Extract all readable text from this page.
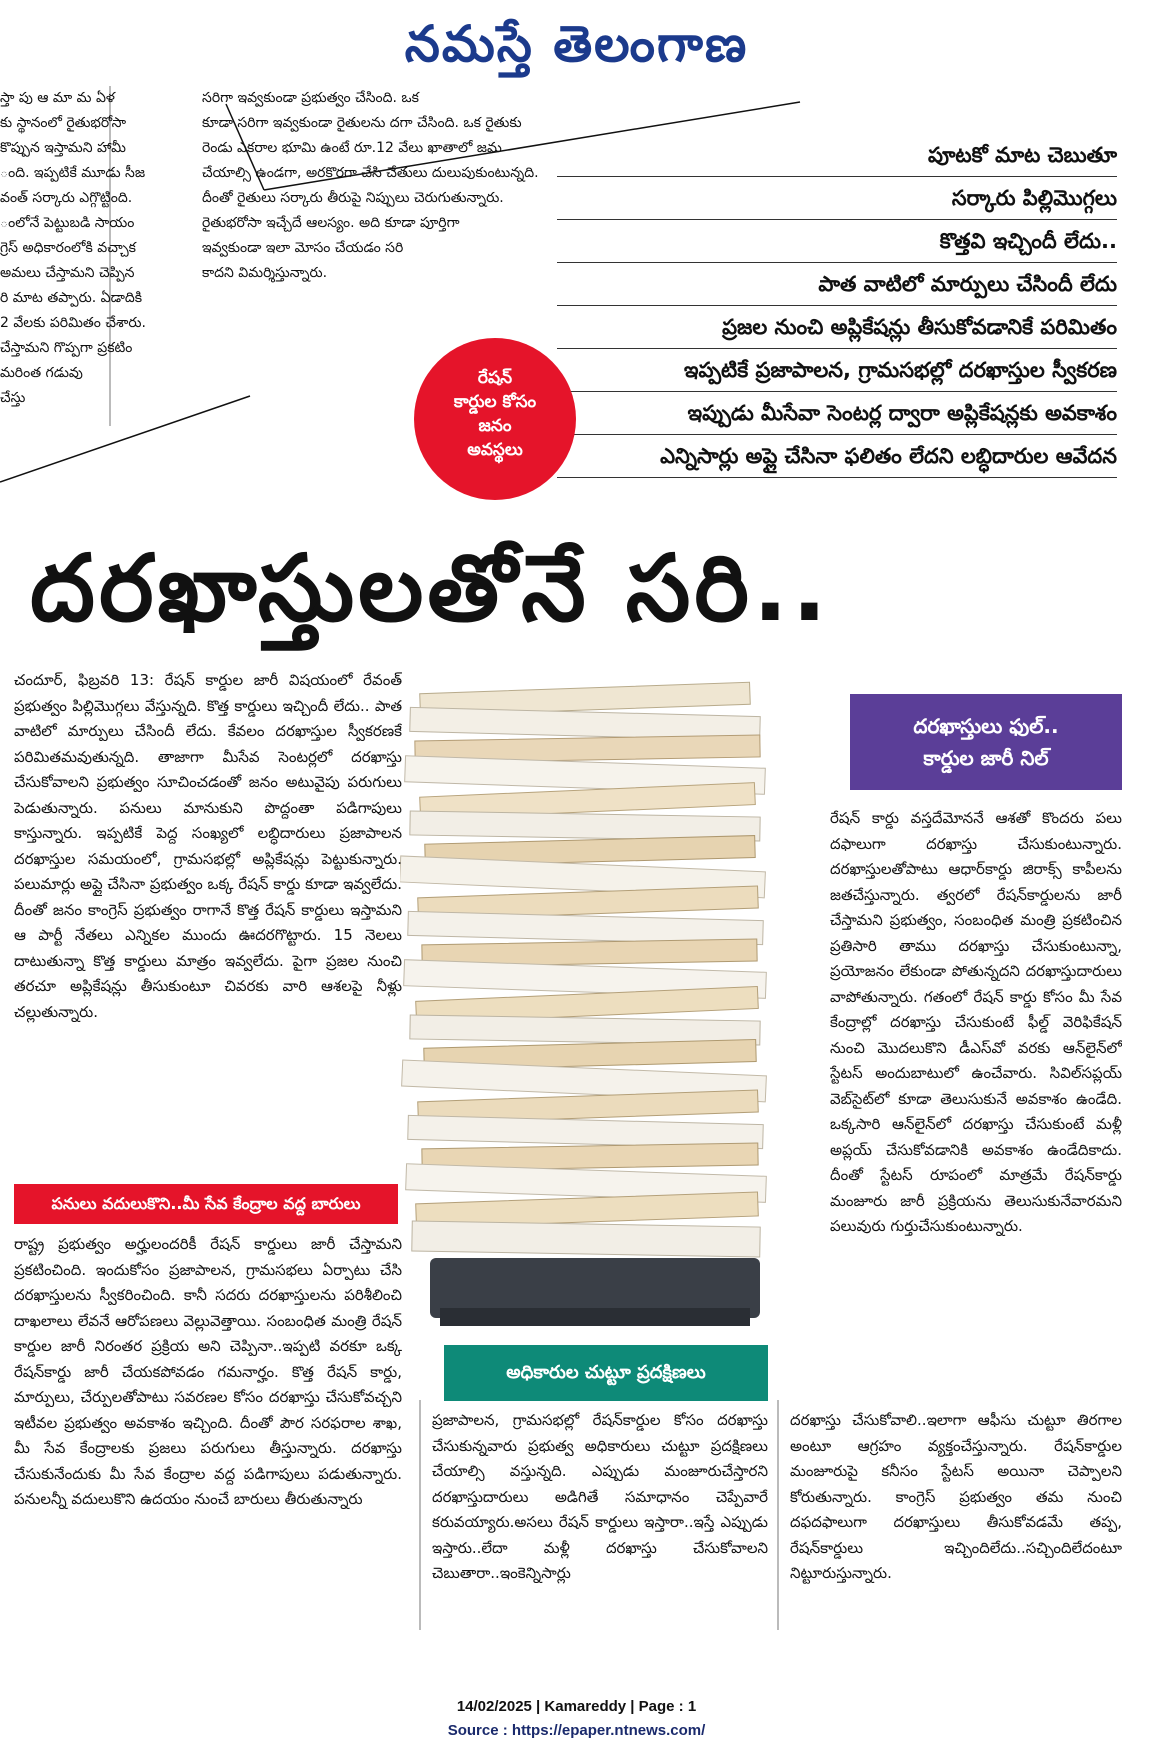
నమస్తే తెలంగాణ
స్తా పు ఆ మా మ ఏళ
కు స్థానంలో రైతుభరోసా
కొప్పున ఇస్తామని హామీ
ంది. ఇప్పటికే మూడు సీజ
వంత్ సర్కారు ఎగ్గొట్టింది.
ంలోనే పెట్టుబడి సాయం
గ్రెస్ అధికారంలోకి వచ్చాక
అమలు చేస్తామని చెప్పిన
రి మాట తప్పారు. ఏడాదికి
2 వేలకు పరిమితం చేశారు.
చేస్తామని గొప్పగా ప్రకటిం
మరింత గడువు
చేస్తు
సరిగా ఇవ్వకుండా ప్రభుత్వం చేసింది. ఒక
కూడా సరిగా ఇవ్వకుండా రైతులను దగా చేసింది. ఒక రైతుకు
రెండు ఎకరాల భూమి ఉంటే రూ.12 వేలు ఖాతాలో జమ
చేయాల్సి ఉండగా, అరకొరగా చేసి చేతులు దులుపుకుంటున్నది.
దీంతో రైతులు సర్కారు తీరుపై నిప్పులు చెరుగుతున్నారు.
రైతుభరోసా ఇచ్చేదే ఆలస్యం. అది కూడా పూర్తిగా
ఇవ్వకుండా ఇలా మోసం చేయడం సరి
కాదని విమర్శిస్తున్నారు.
పూటకో మాట చెబుతూ
సర్కారు పిల్లిమొగ్గలు
కొత్తవి ఇచ్చిందీ లేదు..
పాత వాటిలో మార్పులు చేసిందీ లేదు
ప్రజల నుంచి అప్లికేషన్లు తీసుకోవడానికే పరిమితం
ఇప్పటికే ప్రజాపాలన, గ్రామసభల్లో దరఖాస్తుల స్వీకరణ
ఇప్పుడు మీసేవా సెంటర్ల ద్వారా అప్లికేషన్లకు అవకాశం
ఎన్నిసార్లు అప్లై చేసినా ఫలితం లేదని లబ్ధిదారుల ఆవేదన
రేషన్
కార్డుల కోసం
జనం
అవస్థలు
దరఖాస్తులతోనే సరి..

చందూర్, ఫిబ్రవరి 13: రేషన్ కార్డుల జారీ విషయంలో రేవంత్ ప్రభుత్వం పిల్లిమొగ్గలు వేస్తున్నది. కొత్త కార్డులు ఇచ్చిందీ లేదు.. పాత వాటిలో మార్పులు చేసిందీ లేదు. కేవలం దరఖాస్తుల స్వీకరణకే పరిమితమవుతున్నది. తాజాగా మీసేవ సెంటర్లలో దరఖాస్తు చేసుకోవాలని ప్రభుత్వం సూచించడంతో జనం అటువైపు పరుగులు పెడుతున్నారు. పనులు మానుకుని పొద్దంతా పడిగాపులు కాస్తున్నారు. ఇప్పటికే పెద్ద సంఖ్యలో లబ్ధిదారులు ప్రజాపాలన దరఖాస్తుల సమయంలో, గ్రామసభల్లో అప్లికేషన్లు పెట్టుకున్నారు. పలుమార్లు అప్లై చేసినా ప్రభుత్వం ఒక్క రేషన్ కార్డు కూడా ఇవ్వలేదు. దీంతో జనం కాంగ్రెస్ ప్రభుత్వం రాగానే కొత్త రేషన్ కార్డులు ఇస్తామని ఆ పార్టీ నేతలు ఎన్నికల ముందు ఊదరగొట్టారు. 15 నెలలు దాటుతున్నా కొత్త కార్డులు మాత్రం ఇవ్వలేదు. పైగా ప్రజల నుంచి తరచూ అప్లికేషన్లు తీసుకుంటూ చివరకు వారి ఆశలపై నీళ్లు చల్లుతున్నారు.

పనులు వదులుకొని..మీ సేవ కేంద్రాల వద్ద బారులు

రాష్ట్ర ప్రభుత్వం అర్హులందరికీ రేషన్ కార్డులు జారీ చేస్తామని ప్రకటించింది. ఇందుకోసం ప్రజాపాలన, గ్రామసభలు ఏర్పాటు చేసి దరఖాస్తులను స్వీకరించింది. కానీ సదరు దరఖాస్తులను పరిశీలించి దాఖలాలు లేవనే ఆరోపణలు వెల్లువెత్తాయి. సంబంధిత మంత్రి రేషన్ కార్డుల జారీ నిరంతర ప్రక్రియ అని చెప్పినా..ఇప్పటి వరకూ ఒక్క రేషన్‌కార్డు జారీ చేయకపోవడం గమనార్హం. కొత్త రేషన్ కార్డు, మార్పులు, చేర్పులతోపాటు సవరణల కోసం దరఖాస్తు చేసుకోవచ్చని ఇటీవల ప్రభుత్వం అవకాశం ఇచ్చింది. దీంతో పౌర సరఫరాల శాఖ, మీ సేవ కేంద్రాలకు ప్రజలు పరుగులు తీస్తున్నారు. దరఖాస్తు చేసుకునేందుకు మీ సేవ కేంద్రాల వద్ద పడిగాపులు పడుతున్నారు. పనులన్నీ వదులుకొని ఉదయం నుంచే బారులు తీరుతున్నారు

దరఖాస్తులు ఫుల్..
కార్డుల జారీ నిల్

రేషన్ కార్డు వస్తదేమోననే ఆశతో కొందరు పలు దఫాలుగా దరఖాస్తు చేసుకుంటున్నారు. దరఖాస్తులతోపాటు ఆధార్‌కార్డు జిరాక్స్ కాపీలను జతచేస్తున్నారు. త్వరలో రేషన్‌కార్డులను జారీ చేస్తామని ప్రభుత్వం, సంబంధిత మంత్రి ప్రకటించిన ప్రతిసారి తాము దరఖాస్తు చేసుకుంటున్నా, ప్రయోజనం లేకుండా పోతున్నదని దరఖాస్తుదారులు వాపోతున్నారు. గతంలో రేషన్ కార్డు కోసం మీ సేవ కేంద్రాల్లో దరఖాస్తు చేసుకుంటే ఫీల్డ్ వెరిఫికేషన్ నుంచి మొదలుకొని డీఎస్‌వో వరకు ఆన్‌లైన్‌లో స్టేటస్ అందుబాటులో ఉంచేవారు. సివిల్‌సప్లయ్ వెబ్‌సైట్‌లో కూడా తెలుసుకునే అవకాశం ఉండేది. ఒక్కసారి ఆన్‌లైన్‌లో దరఖాస్తు చేసుకుంటే మళ్లీ అప్లయ్ చేసుకోవడానికి అవకాశం ఉండేదికాదు. దీంతో స్టేటస్ రూపంలో మాత్రమే రేషన్‌కార్డు మంజూరు జారీ ప్రక్రియను తెలుసుకునేవారమని పలువురు గుర్తుచేసుకుంటున్నారు.

అధికారుల చుట్టూ ప్రదక్షిణలు

ప్రజాపాలన, గ్రామసభల్లో రేషన్‌కార్డుల కోసం దరఖాస్తు చేసుకున్నవారు ప్రభుత్వ అధికారులు చుట్టూ ప్రదక్షిణలు చేయాల్సి వస్తున్నది. ఎప్పుడు మంజూరుచేస్తారని దరఖాస్తుదారులు అడిగితే సమాధానం చెప్పేవారే కరువయ్యారు.అసలు రేషన్ కార్డులు ఇస్తారా..ఇస్తే ఎప్పుడు ఇస్తారు..లేదా మళ్లీ దరఖాస్తు చేసుకోవాలని చెబుతారా..ఇంకెన్నిసార్లు

దరఖాస్తు చేసుకోవాలి..ఇలాగా ఆఫీసు చుట్టూ తిరగాల అంటూ ఆగ్రహం వ్యక్తంచేస్తున్నారు. రేషన్‌కార్డుల మంజూరుపై కనీసం స్టేటస్ అయినా చెప్పాలని కోరుతున్నారు. కాంగ్రెస్ ప్రభుత్వం తమ నుంచి దఫదఫాలుగా దరఖాస్తులు తీసుకోవడమే తప్ప, రేషన్‌కార్డులు ఇచ్చిందిలేదు..సచ్చిందిలేదంటూ నిట్టూరుస్తున్నారు.

14/02/2025 | Kamareddy | Page : 1
Source : https://epaper.ntnews.com/
